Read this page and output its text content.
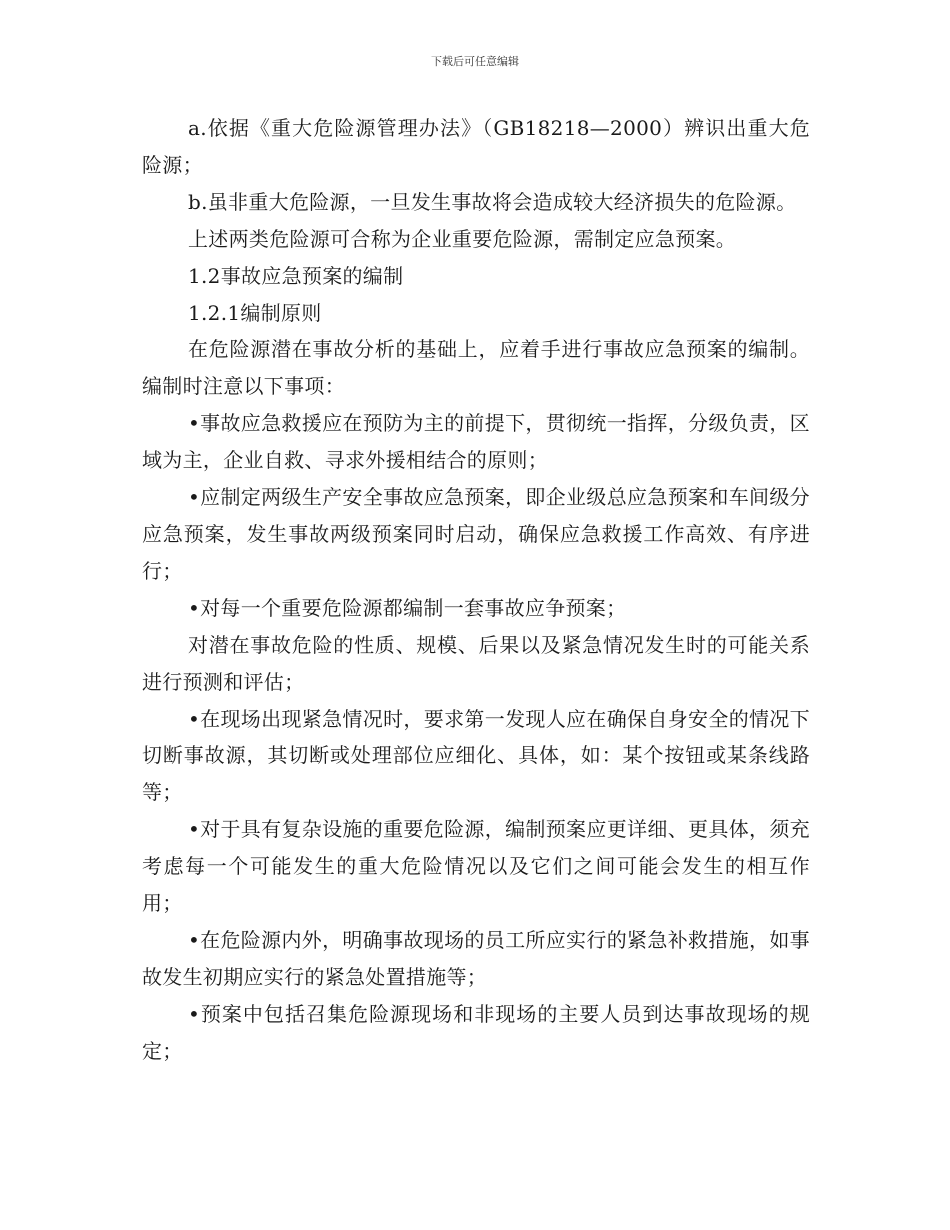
下载后可任意编辑

a.依据《重大危险源管理办法》（GB18218—2000）辨识出重大危险源；

b.虽非重大危险源，一旦发生事故将会造成较大经济损失的危险源。

上述两类危险源可合称为企业重要危险源，需制定应急预案。

1.2事故应急预案的编制

1.2.1编制原则

在危险源潜在事故分析的基础上，应着手进行事故应急预案的编制。编制时注意以下事项：

•事故应急救援应在预防为主的前提下，贯彻统一指挥，分级负责，区域为主，企业自救、寻求外援相结合的原则；

•应制定两级生产安全事故应急预案，即企业级总应急预案和车间级分应急预案，发生事故两级预案同时启动，确保应急救援工作高效、有序进行；

•对每一个重要危险源都编制一套事故应争预案；

对潜在事故危险的性质、规模、后果以及紧急情况发生时的可能关系进行预测和评估；

•在现场出现紧急情况时，要求第一发现人应在确保自身安全的情况下切断事故源，其切断或处理部位应细化、具体，如：某个按钮或某条线路等；

•对于具有复杂设施的重要危险源，编制预案应更详细、更具体，须充考虑每一个可能发生的重大危险情况以及它们之间可能会发生的相互作用；

•在危险源内外，明确事故现场的员工所应实行的紧急补救措施，如事故发生初期应实行的紧急处置措施等；

•预案中包括召集危险源现场和非现场的主要人员到达事故现场的规定；
